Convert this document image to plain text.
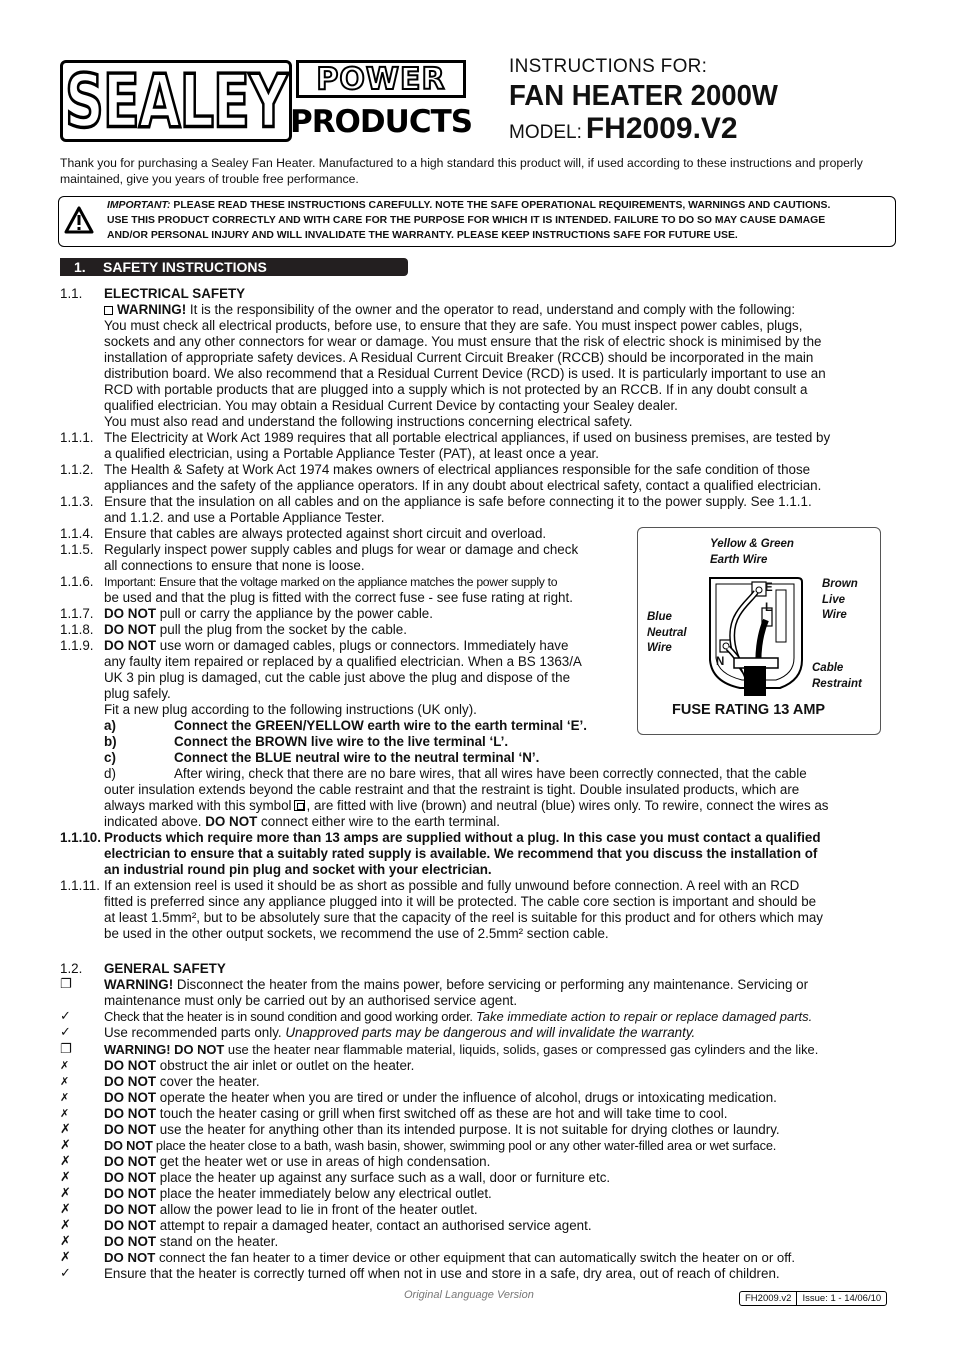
SEALEY POWER
PRODUCTS
INSTRUCTIONS FOR:
FAN HEATER 2000W
MODEL: FH2009.V2
Thank you for purchasing a Sealey Fan Heater. Manufactured to a high standard this product will, if used according to these instructions and properly maintained, give you years of trouble free performance.
IMPORTANT: PLEASE READ THESE INSTRUCTIONS CAREFULLY. NOTE THE SAFE OPERATIONAL REQUIREMENTS, WARNINGS AND CAUTIONS.
USE THIS PRODUCT CORRECTLY AND WITH CARE FOR THE PURPOSE FOR WHICH IT IS INTENDED. FAILURE TO DO SO MAY CAUSE DAMAGE
AND/OR PERSONAL INJURY AND WILL INVALIDATE THE WARRANTY. PLEASE KEEP INSTRUCTIONS SAFE FOR FUTURE USE.
1. SAFETY INSTRUCTIONS
1.1. ELECTRICAL SAFETY
WARNING! It is the responsibility of the owner and the operator to read, understand and comply with the following:
You must check all electrical products, before use, to ensure that they are safe. You must inspect power cables, plugs,
sockets and any other connectors for wear or damage. You must ensure that the risk of electric shock is minimised by the
installation of appropriate safety devices. A Residual Current Circuit Breaker (RCCB) should be incorporated in the main
distribution board. We also recommend that a Residual Current Device (RCD) is used. It is particularly important to use an
RCD with portable products that are plugged into a supply which is not protected by an RCCB. If in any doubt consult a
qualified electrician. You may obtain a Residual Current Device by contacting your Sealey dealer.
You must also read and understand the following instructions concerning electrical safety.
1.1.1. The Electricity at Work Act 1989 requires that all portable electrical appliances, if used on business premises, are tested by
a qualified electrician, using a Portable Appliance Tester (PAT), at least once a year.
1.1.2. The Health & Safety at Work Act 1974 makes owners of electrical appliances responsible for the safe condition of those
appliances and the safety of the appliance operators. If in any doubt about electrical safety, contact a qualified electrician.
1.1.3. Ensure that the insulation on all cables and on the appliance is safe before connecting it to the power supply. See 1.1.1.
and 1.1.2. and use a Portable Appliance Tester.
1.1.4. Ensure that cables are always protected against short circuit and overload.
1.1.5. Regularly inspect power supply cables and plugs for wear or damage and check
all connections to ensure that none is loose.
1.1.6. Important: Ensure that the voltage marked on the appliance matches the power supply to
be used and that the plug is fitted with the correct fuse - see fuse rating at right.
1.1.7. DO NOT pull or carry the appliance by the power cable.
1.1.8. DO NOT pull the plug from the socket by the cable.
1.1.9. DO NOT use worn or damaged cables, plugs or connectors. Immediately have
any faulty item repaired or replaced by a qualified electrician. When a BS 1363/A
UK 3 pin plug is damaged, cut the cable just above the plug and dispose of the
plug safely.
Fit a new plug according to the following instructions (UK only).
a)	Connect the GREEN/YELLOW earth wire to the earth terminal ‘E’.
b)	Connect the BROWN live wire to the live terminal ‘L’.
c)	Connect the BLUE neutral wire to the neutral terminal ‘N’.
d)	After wiring, check that there are no bare wires, that all wires have been correctly connected, that the cable
outer insulation extends beyond the cable restraint and that the restraint is tight. Double insulated products, which are
always marked with this symbol , are fitted with live (brown) and neutral (blue) wires only. To rewire, connect the wires as
indicated above. DO NOT connect either wire to the earth terminal.
1.1.10. Products which require more than 13 amps are supplied without a plug. In this case you must contact a qualified
electrician to ensure that a suitably rated supply is available. We recommend that you discuss the installation of
an industrial round pin plug and socket with your electrician.
1.1.11. If an extension reel is used it should be as short as possible and fully unwound before connection. A reel with an RCD
fitted is preferred since any appliance plugged into it will be protected. The cable core section is important and should be
at least 1.5mm², but to be absolutely sure that the capacity of the reel is suitable for this product and for others which may
be used in the other output sockets, we recommend the use of 2.5mm² section cable.
Yellow & Green
Earth Wire
Brown
Live
Wire
Blue
Neutral
Wire
Cable
Restraint
E
L
N
FUSE RATING 13 AMP
1.2. GENERAL SAFETY
❐ WARNING! Disconnect the heater from the mains power, before servicing or performing any maintenance. Servicing or
maintenance must only be carried out by an authorised service agent.
✓	Check that the heater is in sound condition and good working order. Take immediate action to repair or replace damaged parts.
✓ Use recommended parts only. Unapproved parts may be dangerous and will invalidate the warranty.
❐	WARNING! DO NOT use the heater near flammable material, liquids, solids, gases or compressed gas cylinders and the like.
✗	DO NOT obstruct the air inlet or outlet on the heater.
✗	DO NOT cover the heater.
✗	DO NOT operate the heater when you are tired or under the influence of alcohol, drugs or intoxicating medication.
✗	DO NOT touch the heater casing or grill when first switched off as these are hot and will take time to cool.
✗ DO NOT use the heater for anything other than its intended purpose. It is not suitable for drying clothes or laundry.
✗	DO NOT place the heater close to a bath, wash basin, shower, swimming pool or any other water-filled area or wet surface.
✗ DO NOT get the heater wet or use in areas of high condensation.
✗ DO NOT place the heater up against any surface such as a wall, door or furniture etc.
✗ DO NOT place the heater immediately below any electrical outlet.
✗ DO NOT allow the power lead to lie in front of the heater outlet.
✗ DO NOT attempt to repair a damaged heater, contact an authorised service agent.
✗ DO NOT stand on the heater.
✗	DO NOT connect the fan heater to a timer device or other equipment that can automatically switch the heater on or off.
✓ Ensure that the heater is correctly turned off when not in use and store in a safe, dry area, out of reach of children.
Original Language Version	FH2009.v2	Issue: 1 - 14/06/10
